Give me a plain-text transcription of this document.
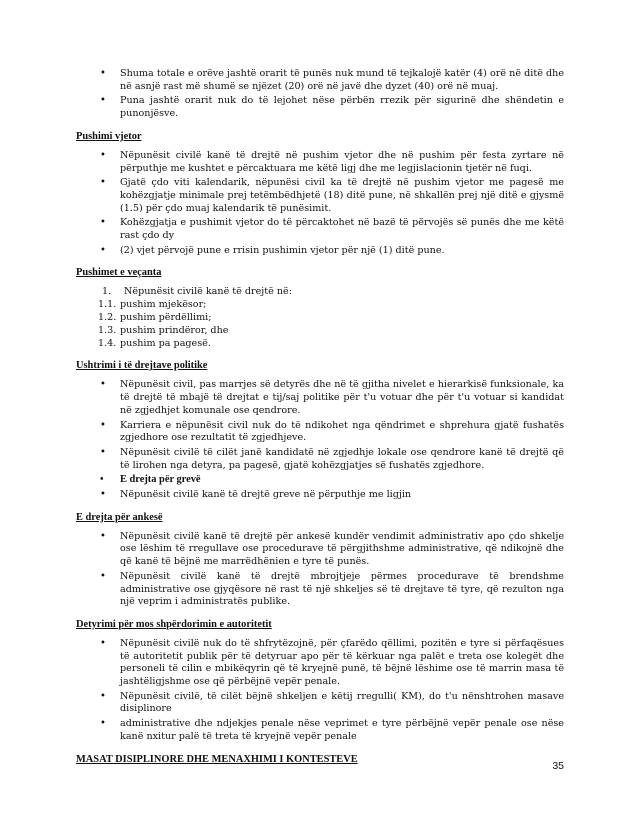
• Shuma totale e orëve jashtë orarit të punës nuk mund të tejkalojë katër (4) orë në ditë dhe në asnjë rast më shumë se njëzet (20) orë në javë dhe dyzet (40) orë në muaj.
• Puna jashtë orarit nuk do të lejohet nëse përbën rrezik për sigurinë dhe shëndetin e punonjësve.
Pushimi vjetor
• Nëpunësit civilë kanë të drejtë në pushim vjetor dhe në pushim për festa zyrtare në përputhje me kushtet e përcaktuara me këtë ligj dhe me legjislacionin tjetër në fuqi.
• Gjatë çdo viti kalendarik, nëpunësi civil ka të drejtë në pushim vjetor me pagesë me kohëzgjatje minimale prej tetëmbëdhjetë (18) ditë pune, në shkallën prej një ditë e gjysmë (1.5) për çdo muaj kalendarik të punësimit.
• Kohëzgjatja e pushimit vjetor do të përcaktohet në bazë të përvojës së punës dhe me këtë rast çdo dy
• (2) vjet përvojë pune e rrisin pushimin vjetor për një (1) ditë pune.
Pushimet e veçanta
1. Nëpunësit civilë kanë të drejtë në:
1.1. pushim mjekësor;
1.2. pushim përdëllimi;
1.3. pushim prindëror, dhe
1.4. pushim pa pagesë.
Ushtrimi i të drejtave politike
• Nëpunësit civil, pas marrjes së detyrës dhe në të gjitha nivelet e hierarkisë funksionale, ka të drejtë të mbajë të drejtat e tij/saj politike për t'u votuar dhe për t'u votuar si kandidat në zgjedhjet komunale ose qendrore.
• Karriera e nëpunësit civil nuk do të ndikohet nga qëndrimet e shprehura gjatë fushatës zgjedhore ose rezultatit të zgjedhjeve.
• Nëpunësit civilë të cilët janë kandidatë në zgjedhje lokale ose qendrore kanë të drejtë që të lirohen nga detyra, pa pagesë, gjatë kohëzgjatjes së fushatës zgjedhore.
• E drejta për grevë
• Nëpunësit civilë kanë të drejtë greve në përputhje me ligjin
E drejta për ankesë
• Nëpunësit civilë kanë të drejtë për ankesë kundër vendimit administrativ apo çdo shkelje ose lëshim të rregullave ose procedurave të përgjithshme administrative, që ndikojnë dhe që kanë të bëjnë me marrëdhënien e tyre të punës.
• Nëpunësit civilë kanë të drejtë mbrojtjeje përmes procedurave të brendshme administrative ose gjyqësore në rast të një shkeljes së të drejtave të tyre, që rezulton nga një veprim i administratës publike.
Detyrimi për mos shpërdorimin e autoritetit
• Nëpunësit civilë nuk do të shfrytëzojnë, për çfarëdo qëllimi, pozitën e tyre si përfaqësues të autoritetit publik për të detyruar apo për të kërkuar nga palët e treta ose kolegët dhe personeli të cilin e mbikëqyrin që të kryejnë punë, të bëjnë lëshime ose të marrin masa të jashtëligjshme ose që përbëjnë vepër penale.
• Nëpunësit civilë, të cilët bëjnë shkeljen e këtij rregulli( KM), do t'u nënshtrohen masave disiplinore
• administrative dhe ndjekjes penale nëse veprimet e tyre përbëjnë vepër penale ose nëse kanë nxitur palë të treta të kryejnë vepër penale
MASAT DISIPLINORE DHE MENAXHIMI I KONTESTEVE
35
